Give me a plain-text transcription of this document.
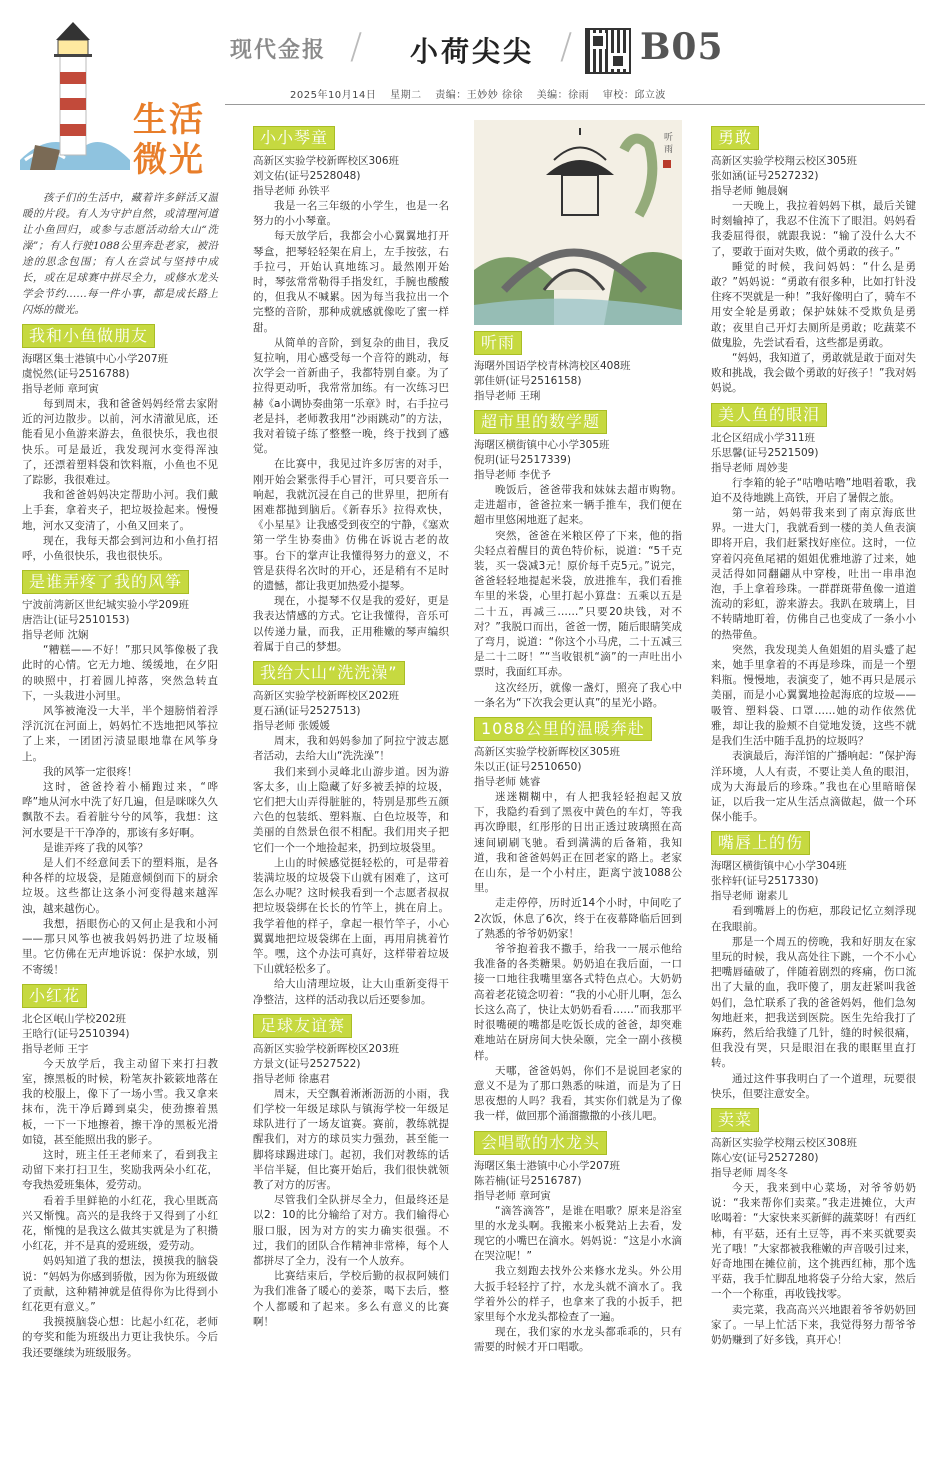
生活微光
现代金报 / 小荷尖尖 / B05
2025年10月14日 星期二 责编：王妙妙 徐徐 美编：徐雨 审校：邱立波
孩子们的生活中，藏着许多鲜活又温暖的片段。有人为守护自然，或清理河道让小鱼回归，或参与志愿活动给大山“洗澡”；有人行驶1088公里奔赴老家，被沿途的思念包围；有人在尝试与坚持中成长，或在足球赛中拼尽全力，或修水龙头学会节约……每一件小事，都是成长路上闪烁的微光。
我和小鱼做朋友
海曙区集士港镇中心小学207班
虞悦然(证号2516788)
指导老师 章珂寅

每到周末，我和爸爸妈妈经常去家附近的河边散步。以前，河水清澈见底，还能看见小鱼游来游去，鱼很快乐，我也很快乐。可是最近，我发现河水变得浑浊了，还漂着塑料袋和饮料瓶，小鱼也不见了踪影，我很难过。

我和爸爸妈妈决定帮助小河。我们戴上手套，拿着夹子，把垃圾捡起来。慢慢地，河水又变清了，小鱼又回来了。

现在，我每天都会到河边和小鱼打招呼，小鱼很快乐，我也很快乐。

是谁弄疼了我的风筝
宁波前湾新区世纪城实验小学209班
唐浩让(证号2510153)
指导老师 沈娴

“糟糕——不好！”那只风筝像极了我此时的心情。它无力地、缓缓地，在夕阳的映照中，打着圆儿掉落，突然急转直下，一头栽进小河里。

风筝被淹没一大半，半个翅膀悄着浮浮沉沉在河面上，妈妈忙不迭地把风筝拉了上来，一团团污渍显眼地靠在风筝身上。

我的风筝一定很疼！

这时，爸爸拎着小桶跑过来，“哗哗”地从河水中洗了好几遍，但是咪咪久久飘散不去。看着脏兮兮的风筝，我想：这河水要是干干净净的，那该有多好啊。

是谁弄疼了我的风筝？

是人们不经意间丢下的塑料瓶，是各种各样的垃圾袋，是随意倾倒而下的厨余垃圾。这些都让这条小河变得越来越浑浊，越来越伤心。

我想，捂眼伤心的又何止是我和小河——那只风筝也被我妈妈扔进了垃圾桶里。它仿佛在无声地诉说：保护水域，别不寄缓！

小红花
北仑区岷山学校202班
王晗行(证号2510394)
指导老师 王宇

今天放学后，我主动留下来打扫教室，擦黑板的时候，粉笔灰扑簌簌地落在我的校服上，像下了一场小雪。我又拿来抹布，洗干净后蹲到桌尖，使劲擦着黑板，一下一下地擦着，擦干净的黑板光滑如镜，甚至能照出我的影子。

这时，班主任王老师来了，看到我主动留下来打扫卫生，奖励我两朵小红花，夸我热爱班集体，爱劳动。

看着手里鲜艳的小红花，我心里既高兴又惭愧。高兴的是我终于又得到了小红花，惭愧的是我这么做其实就是为了积攒小红花，并不是真的爱班级，爱劳动。

妈妈知道了我的想法，摸摸我的脑袋说：“妈妈为你感到骄傲，因为你为班级做了贡献，这种精神就是值得你为比得到小红花更有意义。”

我摸摸脑袋心想：比起小红花，老师的夸奖和能为班级出力更让我快乐。今后我还要继续为班级服务。

小小琴童
高新区实验学校新晖校区306班
刘文佑(证号2528048)
指导老师 孙铁平

我是一名三年级的小学生，也是一名努力的小小琴童。

每天放学后，我都会小心翼翼地打开琴盒，把琴轻轻架在肩上，左手按弦，右手拉弓，开始认真地练习。最然刚开始时，琴弦常常勒得手指发红，手腕也酸酸的，但我从不喊累。因为每当我拉出一个完整的音阶，那种成就感就像吃了蜜一样甜。

从简单的音阶，到复杂的曲目，我反复拉响，用心感受每一个音符的跳动，每次学会一首新曲子，我都特别自豪。为了拉得更动听，我常常加练。有一次练习巴赫《a小调协奏曲第一乐章》时，右手拉弓老是抖，老师教我用“沙雨跳动”的方法，我对着镜子练了整整一晚，终于找到了感觉。

在比赛中，我见过许多厉害的对手，刚开始会紧张得手心冒汗，可只要音乐一响起，我就沉浸在自己的世界里，把所有困难都抛到脑后。《新春乐》拉得欢快，《小星星》让我感受到夜空的宁静，《塞欢第一学生协奏曲》仿佛在诉说古老的故事。台下的掌声让我懂得努力的意义，不管是获得名次时的开心，还是稍有不足时的遗憾，都让我更加热爱小提琴。

现在，小提琴不仅是我的爱好，更是我表达情感的方式。它让我懂得，音乐可以传递力量，而我，正用稚嫩的琴声编织着属于自己的梦想。

我给大山“洗洗澡”
高新区实验学校新晖校区202班
夏石涵(证号2527513)
指导老师 张媛媛

周末，我和妈妈参加了阿拉宁波志愿者活动，去给大山“洗洗澡”！

我们来到小灵峰北山游步道。因为游客太多，山上隐藏了好多被丢掉的垃圾，它们把大山弄得脏脏的，特别是那些五颜六色的包装纸、塑料瓶、白色垃圾等，和美丽的自然景色很不相配。我们用夹子把它们一个一个地捡起来，扔到垃圾袋里。

上山的时候感觉挺轻松的，可是带着装满垃圾的垃圾袋下山就有困难了，这可怎么办呢？这时候我看到一个志愿者叔叔把垃圾袋绑在长长的竹竿上，挑在肩上。我学着他的样子，拿起一根竹竿子，小心翼翼地把垃圾袋绑在上面，再用肩挑着竹竿。嘿，这个办法可真好，这样带着垃圾下山就轻松多了。

给大山清理垃圾，让大山重新变得干净整洁，这样的活动我以后还要参加。

足球友谊赛
高新区实验学校新晖校区203班
方景文(证号2527522)
指导老师 徐惠君

周末，天空飘着淅淅沥沥的小雨，我们学校一年级足球队与镇海学校一年级足球队进行了一场友谊赛。赛前，教练就提醒我们，对方的球员实力强劲，甚至能一脚将球踢进球门。起初，我们对教练的话半信半疑，但比赛开始后，我们很快就领教了对方的厉害。

尽管我们全队拼尽全力，但最终还是以2：10的比分输给了对方。我们输得心服口服，因为对方的实力确实很强。不过，我们的团队合作精神非常棒，每个人都拼尽了全力，没有一个人放弃。

比赛结束后，学校后勤的叔叔阿姨们为我们准备了暖心的姜茶，喝下去后，整个人都暖和了起来。多么有意义的比赛啊！

听
雨
听雨
海曙外国语学校青林湾校区408班
郭佳妍(证号2516158)
指导老师 王琍
超市里的数学题
海曙区横街镇中心小学305班
倪玥(证号2517339)
指导老师 李优予

晚饭后，爸爸带我和妹妹去超市购物。走进超市，爸爸拉来一辆手推车，我们便在超市里悠闲地逛了起来。

突然，爸爸在米粮区停了下来，他的指尖轻点着醒目的黄色特价标，说道：“5千克装，买一袋减3元！原价每千克5元。”说完，爸爸轻轻地提起米袋，放进推车，我们看推车里的米袋，心里打起小算盘：五乘以五是二十五，再减三……”只要20块钱，对不对？”我脱口而出，爸爸一愣，随后眼睛笑成了弯月，说道：“你这个小马虎，二十五减三是二十二呀！”“当收银机“滴”的一声吐出小票时，我面红耳赤。

这次经历，就像一盏灯，照亮了我心中一条名为“下次我会更认真”的星光小路。

1088公里的温暖奔赴
高新区实验学校新晖校区305班
朱以正(证号2510650)
指导老师 姚睿

迷迷糊糊中，有人把我轻轻抱起又放下，我隐约看到了黑夜中黄色的车灯，等我再次睁眼，红彤彤的日出正透过玻璃照在高速间刷刷飞驰。看到满满的后备箱，我知道，我和爸爸妈妈正在回老家的路上。老家在山东，是一个小村庄，距离宁波1088公里。

走走停停，历时近14个小时，中间吃了2次饭，休息了6次，终于在夜幕降临后回到了熟悉的爷爷奶奶家！

爷爷抱着我不撒手，给我一一展示他给我准备的各类糖果。奶奶追在我后面，一口接一口地往我嘴里塞各式特色点心。大奶奶高着老花镜念叨着：“我的小心肝儿啊，怎么长这么高了，快让太奶奶看看……”而我那平时很嘴硬的嘴都是吃饭长成的爸爸，却突难难地站在厨房间大快朵颐，完全一副小孩模样。

天哪，爸爸妈妈，你们不是说回老家的意义不是为了那口熟悉的味道，而是为了日思夜想的人吗？我看，其实你们就是为了像我一样，做回那个涌溜撒撒的小孩儿吧。

会唱歌的水龙头
海曙区集士港镇中心小学207班
陈若楠(证号2516787)
指导老师 章珂寅

“滴答滴答”，是谁在唱歌？原来是浴室里的水龙头啊。我搬来小板凳站上去看，发现它的小嘴巴在滴水。妈妈说：“这是小水滴在哭泣呢！”

我立刻跑去找外公来修水龙头。外公用大扳手轻轻拧了拧，水龙头就不滴水了。我学着外公的样子，也拿来了我的小扳手，把家里每个水龙头都检查了一遍。

现在，我们家的水龙头都乖乖的，只有需要的时候才开口唱歌。

勇敢
高新区实验学校翔云校区305班
张如涵(证号2527232)
指导老师 鲍晨娴

一天晚上，我拉着妈妈下棋，最后关键时刻输掉了，我忍不住流下了眼泪。妈妈看我委屈得很，就跟我说：“输了没什么大不了，要敢于面对失败，做个勇敢的孩子。”

睡觉的时候，我问妈妈：“什么是勇敢？”妈妈说：“勇敢有很多种，比如打针没住疼不哭就是一种！”我好像明白了，骑车不用安全轮是勇敢；保护妹妹不受欺负是勇敢；夜里自己开灯去厕所是勇敢；吃蔬菜不做鬼脸，先尝试看看，这些都是勇敢。

“妈妈，我知道了，勇敢就是敢于面对失败和挑战，我会做个勇敢的好孩子！”我对妈妈说。

美人鱼的眼泪
北仑区绍成小学311班
乐思馨(证号2521509)
指导老师 周妙斐

行李箱的轮子“咕噜咕噜”地唱着歌，我迫不及待地跳上高铁，开启了暑假之旅。

第一站，妈妈带我来到了南京海底世界。一进大门，我就看到一楼的美人鱼表演即将开启，我们赶紧找好座位。这时，一位穿着闪亮鱼尾裙的姐姐优雅地游了过来，她灵活得如同翻翩从中穿梭，吐出一串串泡泡，手上拿着珍珠。一群群斑带鱼像一道道流动的彩虹，游来游去。我趴在玻璃上，目不转睛地盯着，仿佛自己也变成了一条小小的热带鱼。

突然，我发现美人鱼姐姐的眉头蹙了起来，她手里拿着的不再是珍珠，而是一个塑料瓶。慢慢地，表演变了，她不再只是展示美丽，而是小心翼翼地捡起海底的垃圾——吸管、塑料袋、口罩……她的动作依然优雅，却让我的脸颊不自觉地发烫，这些不就是我们生活中随手乱扔的垃圾吗？

表演最后，海洋馆的广播响起：“保护海洋环境，人人有责，不要让美人鱼的眼泪，成为大海最后的珍珠。”我也在心里暗暗保证，以后我一定从生活点滴做起，做一个环保小能手。

嘴唇上的伤
海曙区横街镇中心小学304班
张梓轩(证号2517330)
指导老师 谢素儿

看到嘴唇上的伤疤，那段记忆立刻浮现在我眼前。

那是一个周五的傍晚，我和好朋友在家里玩的时候，我从高处往下跳，一个不小心把嘴唇磕破了，伴随着剧烈的疼痛，伤口流出了大量的血，我吓傻了，朋友赶紧叫我爸妈们，急忙联系了我的爸爸妈妈，他们急匆匆地赶来，把我送到医院。医生先给我打了麻药，然后给我缝了几针，缝的时候很痛，但我没有哭，只是眼泪在我的眼眶里直打转。

通过这件事我明白了一个道理，玩要很快乐，但要注意安全。

卖菜
高新区实验学校翔云校区308班
陈心安(证号2527280)
指导老师 周冬冬

今天，我来到中心菜场，对爷爷奶奶说：“我来帮你们卖菜。”我走进摊位，大声吆喝着：“大家快来买新鲜的蔬菜呀！有西红柿，有平菇，还有土豆等，再不来买就要卖光了哦！”大家都被我稚嫩的声音吸引过来，好奇地围在摊位前，这个挑西红柿，那个选平菇，我手忙脚乱地将袋子分给大家，然后一个一个称重，再收钱找零。

卖完菜，我高高兴兴地跟着爷爷奶奶回家了。一早上忙活下来，我觉得努力帮爷爷奶奶赚到了好多钱，真开心！
